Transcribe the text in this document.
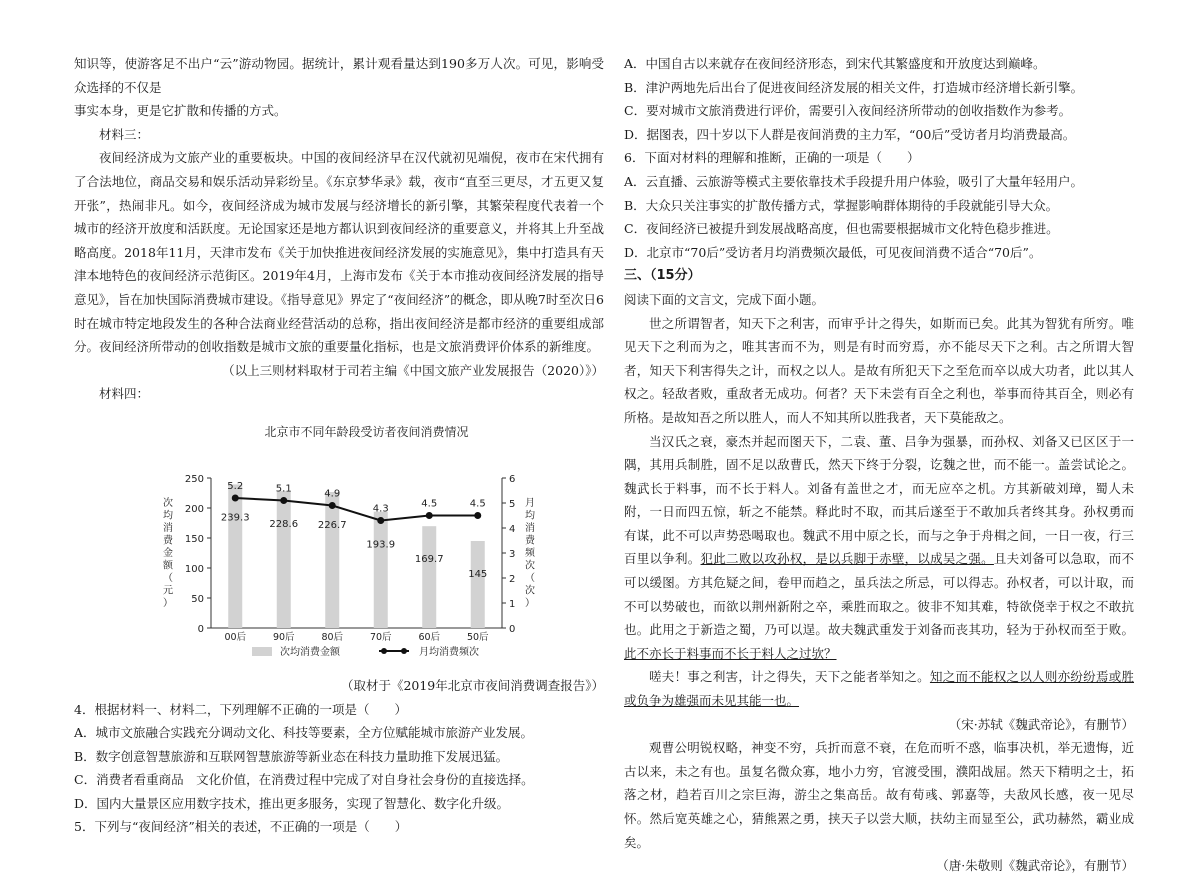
知识等，使游客足不出户“云”游动物园。据统计，累计观看量达到190多万人次。可见，影响受众选择的不仅是

事实本身，更是它扩散和传播的方式。

材料三：

夜间经济成为文旅产业的重要板块。中国的夜间经济早在汉代就初见端倪，夜市在宋代拥有了合法地位，商品交易和娱乐活动异彩纷呈。《东京梦华录》载，夜市“直至三更尽，才五更又复开张”，热闹非凡。如今，夜间经济成为城市发展与经济增长的新引擎，其繁荣程度代表着一个城市的经济开放度和活跃度。无论国家还是地方都认识到夜间经济的重要意义，并将其上升至战略高度。2018年11月，天津市发布《关于加快推进夜间经济发展的实施意见》，集中打造具有天津本地特色的夜间经济示范街区。2019年4月，上海市发布《关于本市推动夜间经济发展的指导意见》，旨在加快国际消费城市建设。《指导意见》界定了“夜间经济”的概念，即从晚7时至次日6时在城市特定地段发生的各种合法商业经营活动的总称，指出夜间经济是都市经济的重要组成部分。夜间经济所带动的创收指数是城市文旅的重要量化指标，也是文旅消费评价体系的新维度。

（以上三则材料取材于司若主编《中国文旅产业发展报告（2020）》）

材料四：

北京市不同年龄段受访者夜间消费情况
0
50
100
150
200
250
0
1
2
3
4
5
6
次
均
消
费
金
额
（
元
）
月
均
消
费
频
次
（
次
）
239.3
00后
228.6
90后
226.7
80后
193.9
70后
169.7
60后
145
50后
5.2	5.1	4.9
4.3	4.5	4.5
次均消费金额	月均消费频次

（取材于《2019年北京市夜间消费调查报告》）

4．根据材料一、材料二，下列理解不正确的一项是（　　）

A．城市文旅融合实践充分调动文化、科技等要素，全方位赋能城市旅游产业发展。

B．数字创意智慧旅游和互联网智慧旅游等新业态在科技力量助推下发展迅猛。

C．消费者看重商品　文化价值，在消费过程中完成了对自身社会身份的直接选择。

D．国内大量景区应用数字技术，推出更多服务，实现了智慧化、数字化升级。

5．下列与“夜间经济”相关的表述，不正确的一项是（　　）

A．中国自古以来就存在夜间经济形态，到宋代其繁盛度和开放度达到巅峰。

B．津沪两地先后出台了促进夜间经济发展的相关文件，打造城市经济增长新引擎。

C．要对城市文旅消费进行评价，需要引入夜间经济所带动的创收指数作为参考。

D．据图表，四十岁以下人群是夜间消费的主力军，“00后”受访者月均消费最高。

6．下面对材料的理解和推断，正确的一项是（　　）

A．云直播、云旅游等模式主要依靠技术手段提升用户体验，吸引了大量年轻用户。

B．大众只关注事实的扩散传播方式，掌握影响群体期待的手段就能引导大众。

C．夜间经济已被提升到发展战略高度，但也需要根据城市文化特色稳步推进。

D．北京市“70后”受访者月均消费频次最低，可见夜间消费不适合“70后”。

三、（15分）

阅读下面的文言文，完成下面小题。

世之所谓智者，知天下之利害，而审乎计之得失，如斯而已矣。此其为智犹有所穷。唯见天下之利而为之，唯其害而不为，则是有时而穷焉，亦不能尽天下之利。古之所谓大智者，知天下利害得失之计，而权之以人。是故有所犯天下之至危而卒以成大功者，此以其人权之。轻敌者败，重敌者无成功。何者？天下未尝有百全之利也，举事而待其百全，则必有所格。是故知吾之所以胜人，而人不知其所以胜我者，天下莫能敌之。

当汉氏之衰，豪杰并起而图天下，二袁、董、吕争为强暴，而孙权、刘备又已区区于一隅，其用兵制胜，固不足以敌曹氏，然天下终于分裂，讫魏之世，而不能一。盖尝试论之。魏武长于料事，而不长于料人。刘备有盖世之才，而无应卒之机。方其新破刘璋，蜀人未附，一日而四五惊，斩之不能禁。释此时不取，而其后遂至于不敢加兵者终其身。孙权勇而有谋，此不可以声势恐喝取也。魏武不用中原之长，而与之争于舟楫之间，一日一夜，行三百里以争利。犯此二败以攻孙权，是以兵脚于赤壁，以成吴之强。且夫刘备可以急取，而不可以缓图。方其危疑之间，卷甲而趋之，虽兵法之所忌，可以得志。孙权者，可以计取，而不可以势破也，而欲以荆州新附之卒，乘胜而取之。彼非不知其难，特欲侥幸于权之不敢抗也。此用之于新造之蜀，乃可以逞。故夫魏武重发于刘备而丧其功，轻为于孙权而至于败。此不亦长于料事而不长于料人之过欤？

嗟夫！事之利害，计之得失，天下之能者举知之。知之而不能权之以人则亦纷纷焉或胜或负争为雄强而未见其能一也。

（宋·苏轼《魏武帝论》，有删节）

观曹公明锐权略，神变不穷，兵折而意不衰，在危而听不惑，临事决机，举无遗悔，近古以来，未之有也。虽复名微众寡，地小力穷，官渡受围，濮阳战屈。然天下精明之士，拓落之材，趋若百川之宗巨海，游尘之集高岳。故有荀彧、郭嘉等，夫敌风长感，夜一见尽怀。然后宽英雄之心，猜熊罴之勇，挟天子以尝大顺，扶幼主而显至公，武功赫然，霸业成矣。

（唐·朱敬则《魏武帝论》，有删节）
